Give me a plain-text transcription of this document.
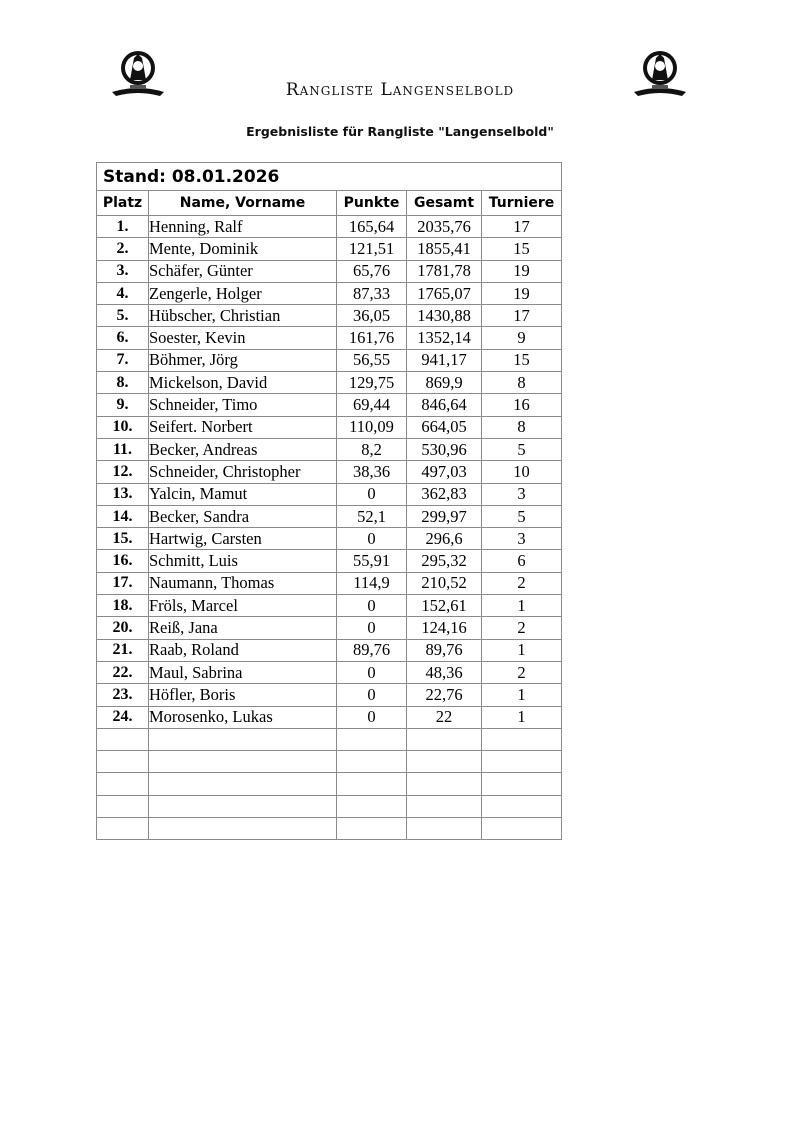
Rangliste Langenselbold
Ergebnisliste für Rangliste "Langenselbold"
Stand: 08.01.2026				
Platz	Name, Vorname	Punkte	Gesamt	Turniere
1.	Henning, Ralf	165,64	2035,76	17
2.	Mente, Dominik	121,51	1855,41	15
3.	Schäfer, Günter	65,76	1781,78	19
4.	Zengerle, Holger	87,33	1765,07	19
5.	Hübscher, Christian	36,05	1430,88	17
6.	Soester, Kevin	161,76	1352,14	9
7.	Böhmer, Jörg	56,55	941,17	15
8.	Mickelson, David	129,75	869,9	8
9.	Schneider, Timo	69,44	846,64	16
10.	Seifert. Norbert	110,09	664,05	8
11.	Becker, Andreas	8,2	530,96	5
12.	Schneider, Christopher	38,36	497,03	10
13.	Yalcin, Mamut	0	362,83	3
14.	Becker, Sandra	52,1	299,97	5
15.	Hartwig, Carsten	0	296,6	3
16.	Schmitt, Luis	55,91	295,32	6
17.	Naumann, Thomas	114,9	210,52	2
18.	Fröls, Marcel	0	152,61	1
20.	Reiß, Jana	0	124,16	2
21.	Raab, Roland	89,76	89,76	1
22.	Maul, Sabrina	0	48,36	2
23.	Höfler, Boris	0	22,76	1
24.	Morosenko, Lukas	0	22	1
